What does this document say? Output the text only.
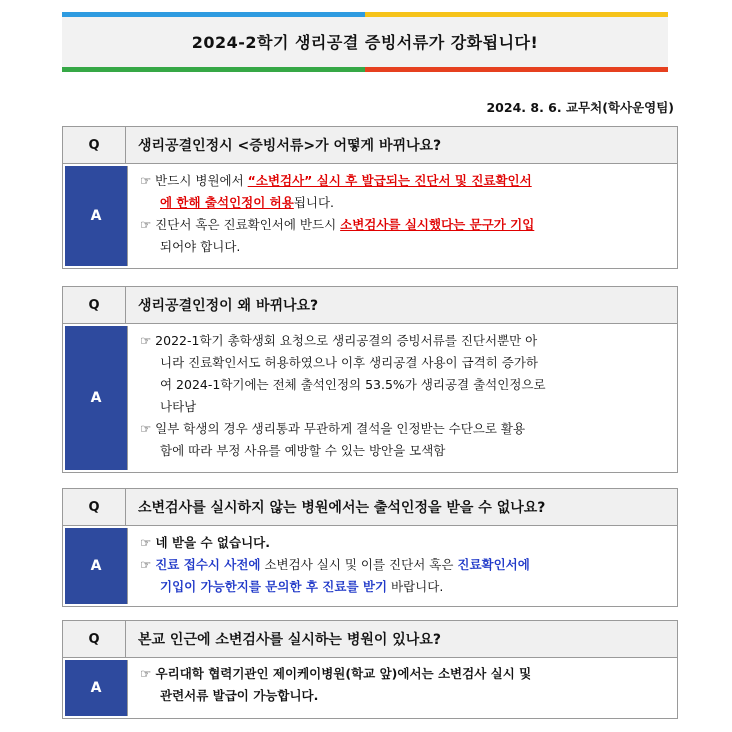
2024-2학기 생리공결 증빙서류가 강화됩니다!
2024. 8. 6. 교무처(학사운영팀)
Q	생리공결인정시 <증빙서류>가 어떻게 바뀌나요?
A
☞ 반드시 병원에서 “소변검사” 실시 후 발급되는 진단서 및 진료확인서
에 한해 출석인정이 허용됩니다.
☞ 진단서 혹은 진료확인서에 반드시 소변검사를 실시했다는 문구가 기입
되어야 합니다.
Q	생리공결인정이 왜 바뀌나요?
A
☞ 2022-1학기 총학생회 요청으로 생리공결의 증빙서류를 진단서뿐만 아
니라 진료확인서도 허용하였으나 이후 생리공결 사용이 급격히 증가하
여 2024-1학기에는 전체 출석인정의 53.5%가 생리공결 출석인정으로
나타남
☞ 일부 학생의 경우 생리통과 무관하게 결석을 인정받는 수단으로 활용
함에 따라 부정 사유를 예방할 수 있는 방안을 모색함
Q	소변검사를 실시하지 않는 병원에서는 출석인정을 받을 수 없나요?
A
☞ 네 받을 수 없습니다.
☞ 진료 접수시 사전에 소변검사 실시 및 이를 진단서 혹은 진료확인서에
기입이 가능한지를 문의한 후 진료를 받기 바랍니다.
Q	본교 인근에 소변검사를 실시하는 병원이 있나요?
A
☞ 우리대학 협력기관인 제이케이병원(학교 앞)에서는 소변검사 실시 및
관련서류 발급이 가능합니다.
